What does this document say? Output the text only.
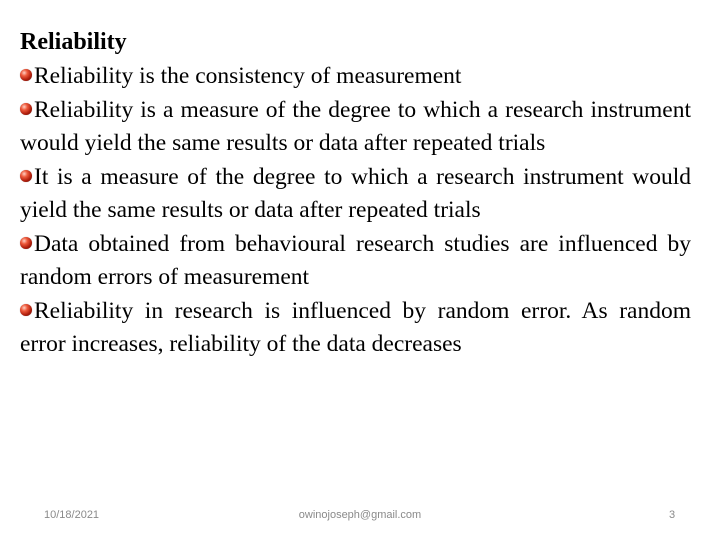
Reliability

Reliability is the consistency of measurement

Reliability is a measure of the degree to which a research instrument would yield the same results or data after repeated trials

It is a measure of the degree to which a research instrument would yield the same results or data after repeated trials

Data obtained from behavioural research studies are influenced by random errors of measurement

Reliability in research is influenced by random error. As random error increases, reliability of the data decreases

10/18/2021	owinojoseph@gmail.com	3
